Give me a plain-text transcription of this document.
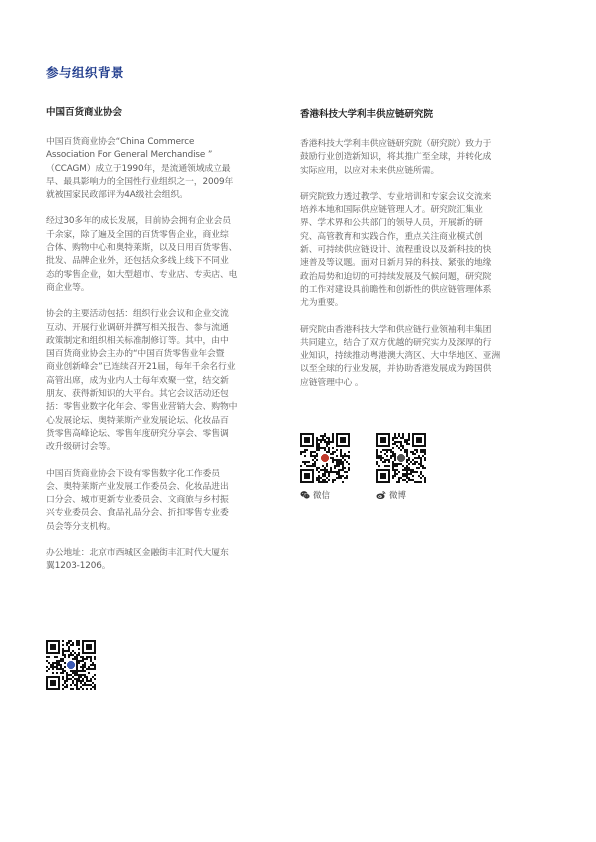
参与组织背景
中国百货商业协会

中国百货商业协会“China Commerce
Association For General Merchandise ”
（CCAGM）成立于1990年，是流通领域成立最
早、最具影响力的全国性行业组织之一，2009年
就被国家民政部评为4A级社会组织。

经过30多年的成长发展，目前协会拥有企业会员
千余家，除了遍及全国的百货零售企业，商业综
合体、购物中心和奥特莱斯，以及日用百货零售、
批发、品牌企业外，还包括众多线上线下不同业
态的零售企业，如大型超市、专业店、专卖店、电
商企业等。

协会的主要活动包括：组织行业会议和企业交流
互动、开展行业调研并撰写相关报告、参与流通
政策制定和组织相关标准制修订等。其中，由中
国百货商业协会主办的“中国百货零售业年会暨
商业创新峰会”已连续召开21届，每年千余名行业
高管出席，成为业内人士每年欢聚一堂，结交新
朋友、获得新知识的大平台。其它会议活动还包
括：零售业数字化年会、零售业营销大会、购物中
心发展论坛、奥特莱斯产业发展论坛、化妆品百
货零售高峰论坛、零售年度研究分享会、零售调
改升级研讨会等。

中国百货商业协会下设有零售数字化工作委员
会、奥特莱斯产业发展工作委员会、化妆品进出
口分会、城市更新专业委员会、文商旅与乡村振
兴专业委员会、食品礼品分会、折扣零售专业委
员会等分支机构。

办公地址：北京市西城区金融街丰汇时代大厦东
翼1203-1206。

香港科技大学利丰供应链研究院

香港科技大学利丰供应链研究院（研究院）致力于
鼓励行业创造新知识，将其推广至全球，并转化成
实际应用，以应对未来供应链所需。

研究院致力透过教学、专业培训和专家会议交流来
培养本地和国际供应链管理人才。研究院汇集业
界、学术界和公共部门的领导人员，开展新的研
究、高管教育和实践合作，重点关注商业模式创
新、可持续供应链设计、流程重设以及新科技的快
速普及等议题。面对日新月异的科技、紧张的地缘
政治局势和迫切的可持续发展及气候问题，研究院
的工作对建设具前瞻性和创新性的供应链管理体系
尤为重要。

研究院由香港科技大学和供应链行业领袖利丰集团
共同建立，结合了双方优越的研究实力及深厚的行
业知识，持续推动粤港澳大湾区、大中华地区、亚洲
以至全球的行业发展，并协助香港发展成为跨国供
应链管理中心 。

微信	微博
